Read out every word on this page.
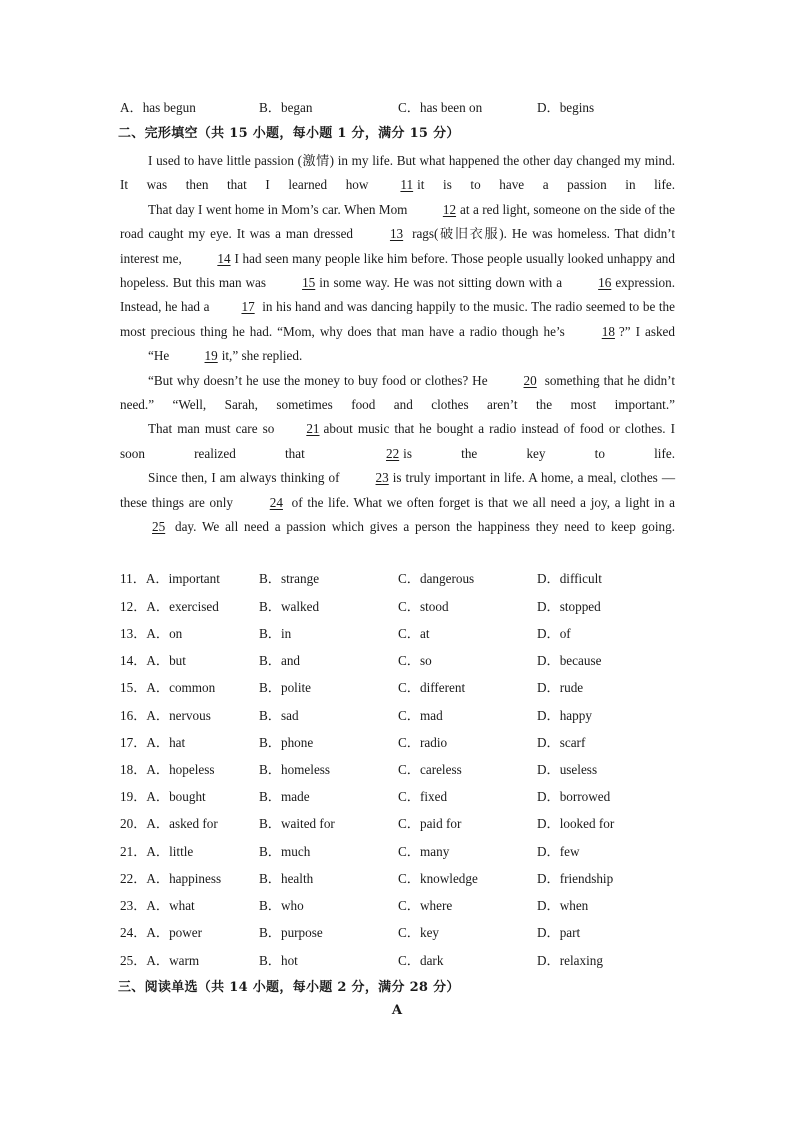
A．has begun	B．began	C．has been on	D．begins
二、完形填空（共 15 小题，每小题 1 分，满分 15 分）

I used to have little passion (激情) in my life. But what happened the other day changed my mind. It was then that I learned how 11 it is to have a passion in life.

That day I went home in Mom’s car. When Mom	12 at a red light, someone on the side of the road caught my eye. It was a man dressed	13 rags(破旧衣服). He was homeless. That didn’t interest me,	14 I had seen many people like him before. Those people usually looked unhappy and hopeless. But this man was	15 in some way. He was not sitting down with a	16 expression. Instead, he had a 17 in his hand and was dancing happily to the music. The radio seemed to be the most precious thing he had. “Mom, why does that man have a radio though he’s	18 ?” I asked

“He	19 it,” she replied.

“But why doesn’t he use the money to buy food or clothes? He	20 something that he didn’t need.” “Well, Sarah, sometimes food and clothes aren’t the most important.”

That man must care so 21 about music that he bought a radio instead of food or clothes. I soon realized that	22 is the key to life.

Since then, I am always thinking of	23 is truly important in life. A home, a meal, clothes — these things are only	24 of the life. What we often forget is that we all need a joy, a light in a25 day. We all need a passion which gives a person the happiness they need to keep going.

11．A．important	B．strange	C．dangerous	D．difficult
12．A．exercised	B．walked	C．stood	D．stopped
13．A．on	B．in	C．at	D．of
14．A．but	B．and	C．so	D．because
15．A．common	B．polite	C．different	D．rude
16．A．nervous	B．sad	C．mad	D．happy
17．A．hat	B．phone	C．radio	D．scarf
18．A．hopeless	B．homeless	C．careless	D．useless
19．A．bought	B．made	C．fixed	D．borrowed
20．A．asked for	B．waited for	C．paid for	D．looked for
21．A．little	B．much	C．many	D．few
22．A．happiness	B．health	C．knowledge	D．friendship
23．A．what	B．who	C．where	D．when
24．A．power	B．purpose	C．key	D．part
25．A．warm	B．hot	C．dark	D．relaxing
三、阅读单选（共 14 小题，每小题 2 分，满分 28 分）
A
